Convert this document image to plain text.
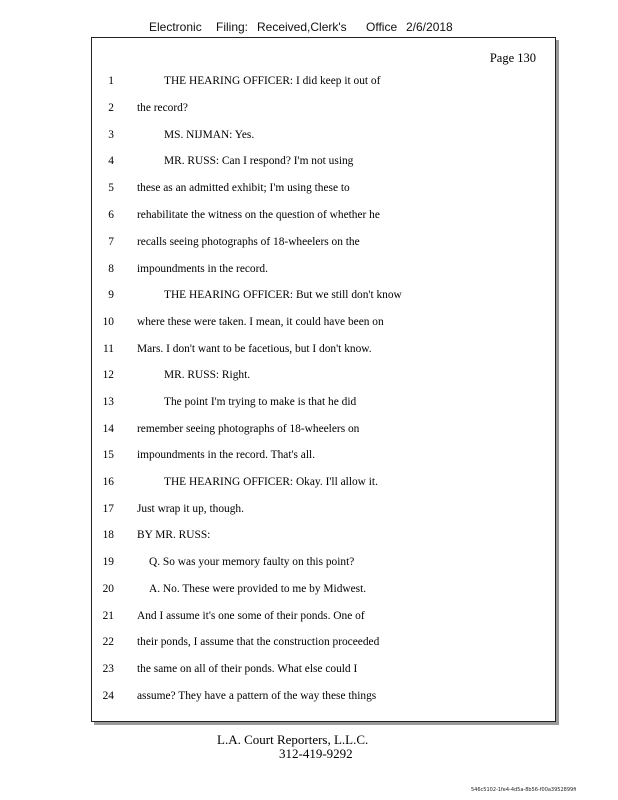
Electronic Filing: Received,Clerk's Office 2/6/2018
Page 130
1	THE HEARING OFFICER: I did keep it out of
2 the record?
3	MS. NIJMAN: Yes.
4	MR. RUSS: Can I respond? I'm not using
5 these as an admitted exhibit; I'm using these to
6 rehabilitate the witness on the question of whether he
7 recalls seeing photographs of 18-wheelers on the
8 impoundments in the record.
9	THE HEARING OFFICER: But we still don't know
10 where these were taken. I mean, it could have been on
11 Mars. I don't want to be facetious, but I don't know.
12	MR. RUSS: Right.
13	The point I'm trying to make is that he did
14 remember seeing photographs of 18-wheelers on
15 impoundments in the record. That's all.
16	THE HEARING OFFICER: Okay. I'll allow it.
17 Just wrap it up, though.
18 BY MR. RUSS:
19	Q. So was your memory faulty on this point?
20	A. No. These were provided to me by Midwest.
21 And I assume it's one some of their ponds. One of
22 their ponds, I assume that the construction proceeded
23 the same on all of their ponds. What else could I
24 assume? They have a pattern of the way these things
L.A. Court Reporters, L.L.C.
312-419-9292
546c5102-1fe4-4d5a-8b56-f00a3952899fi
